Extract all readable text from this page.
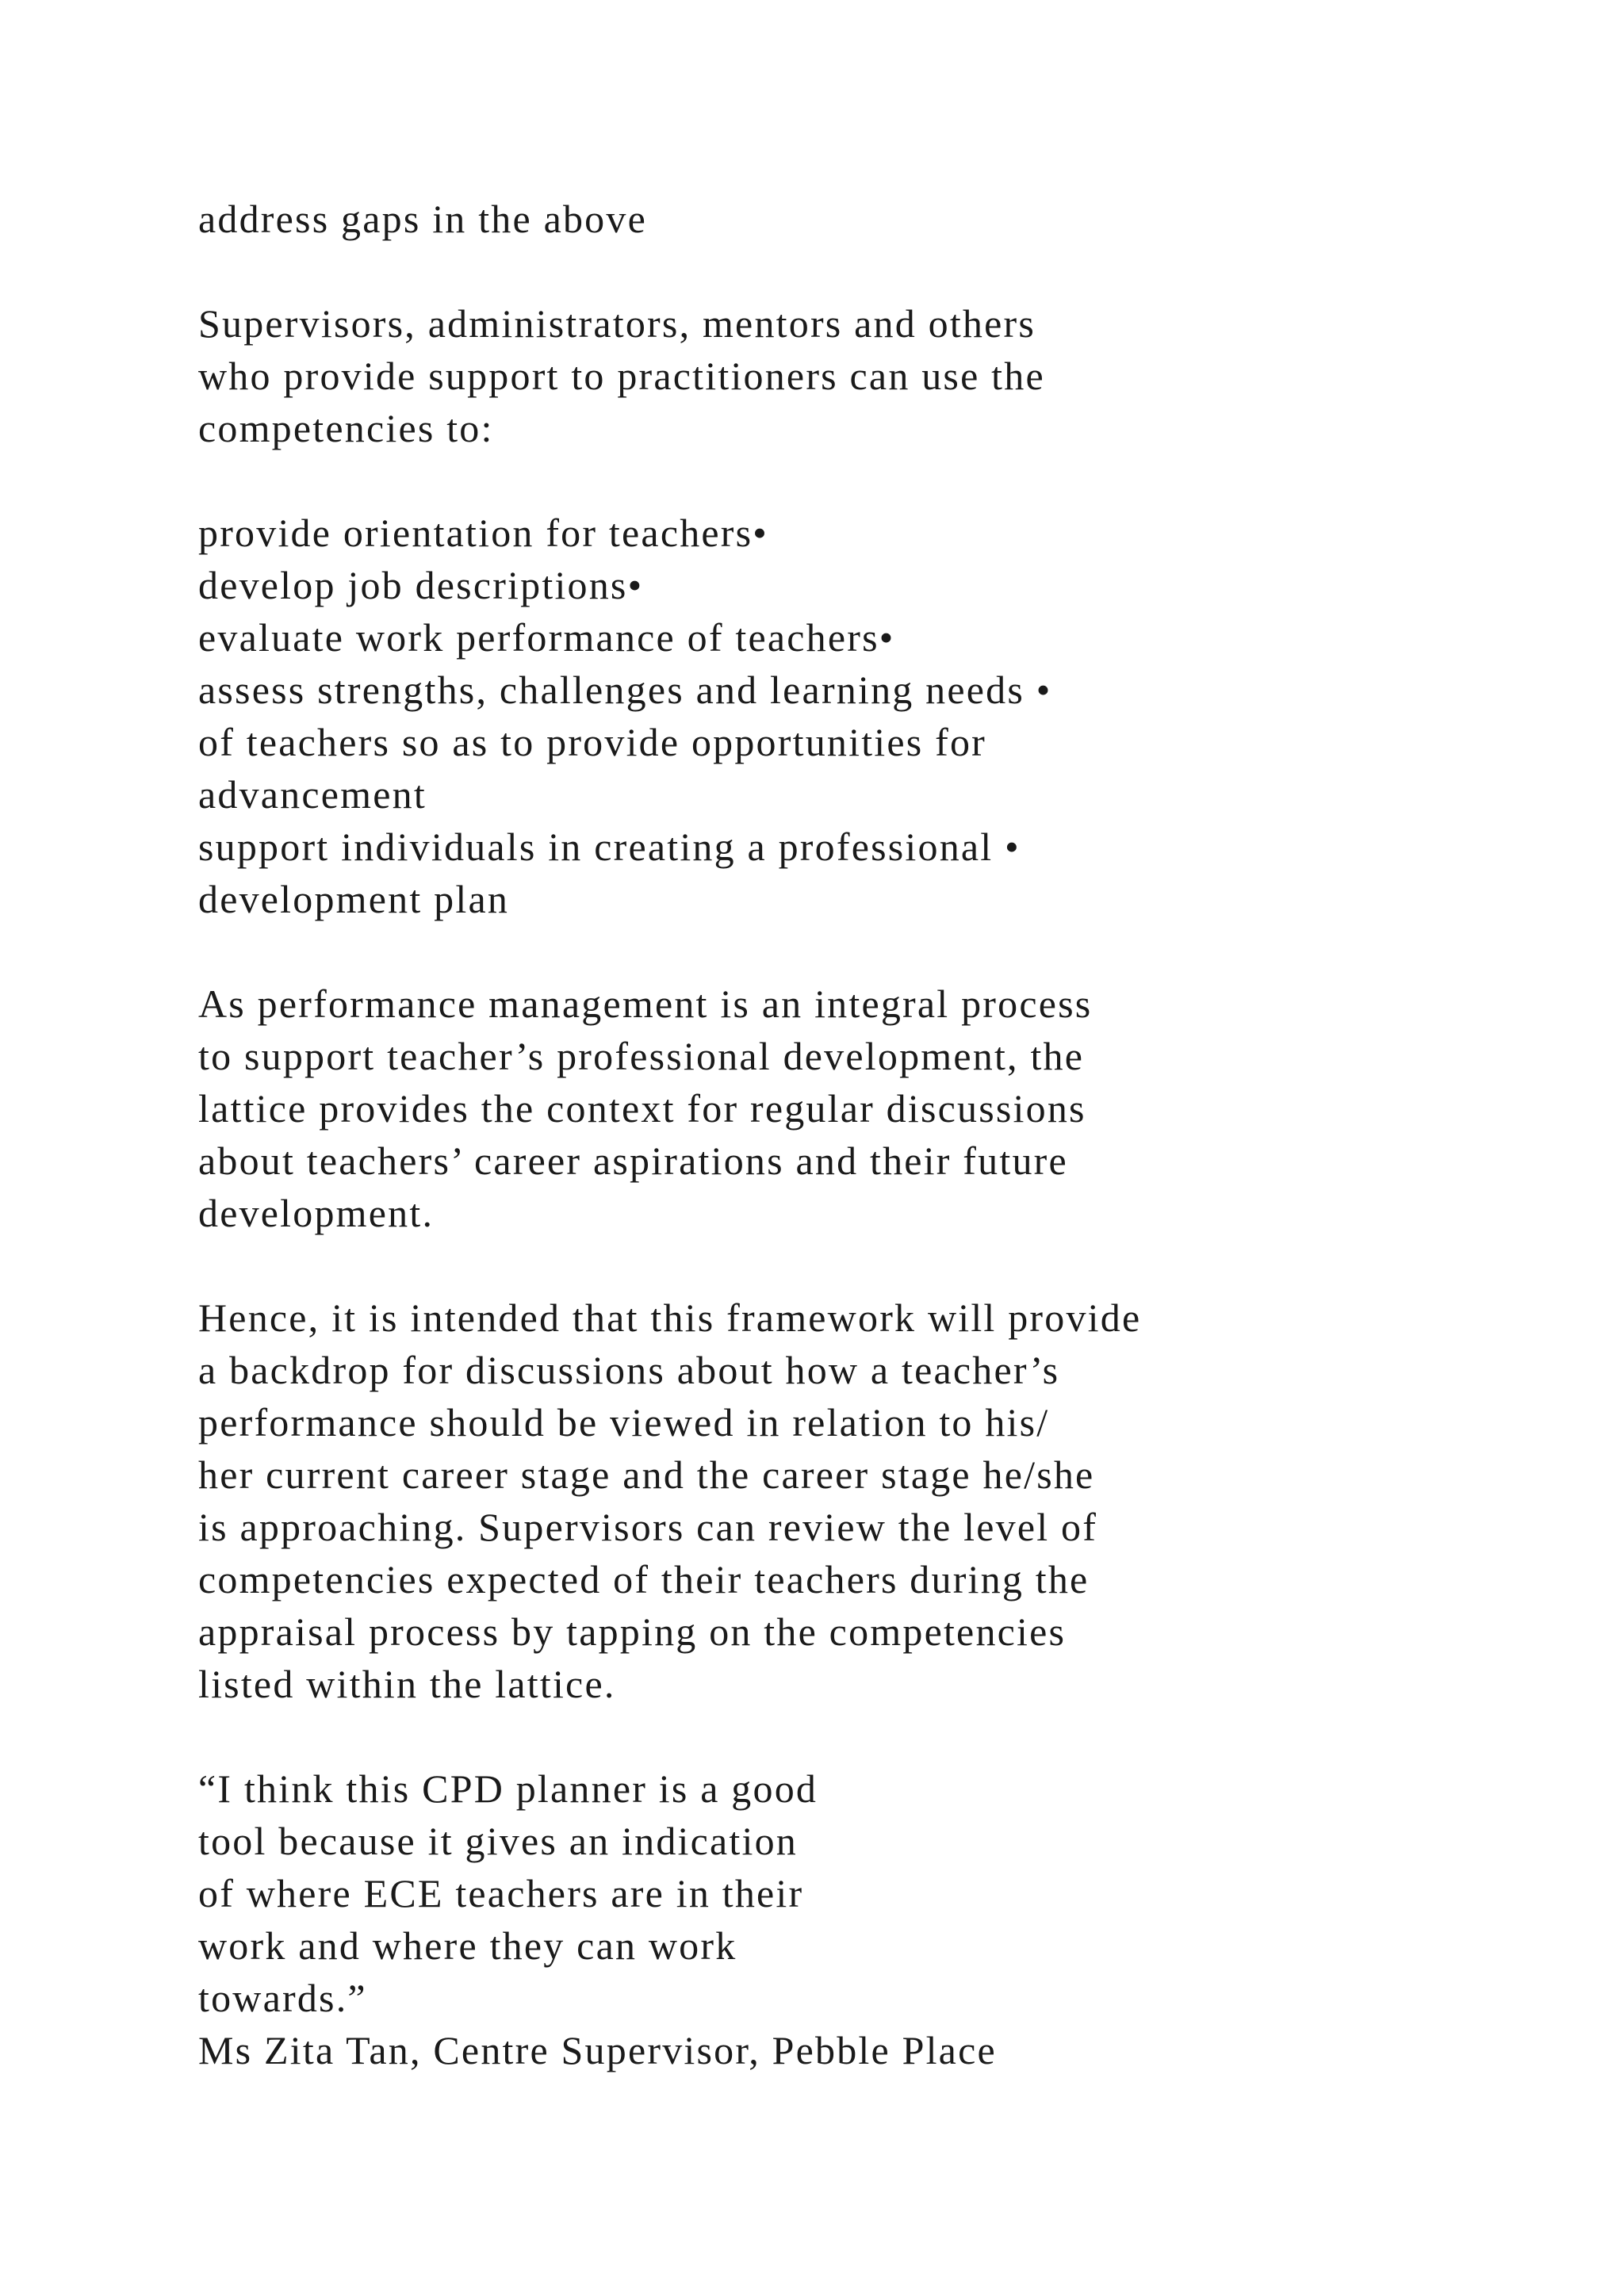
address gaps in the above
Supervisors, administrators, mentors and others
who provide support to practitioners can use the
competencies to:
provide orientation for teachers•
develop job descriptions•
evaluate work performance of teachers•
assess strengths, challenges and learning needs •
of teachers so as to provide opportunities for
advancement
support individuals in creating a professional •
development plan
As performance management is an integral process
to support teacher’s professional development, the
lattice provides the context for regular discussions
about teachers’ career aspirations and their future
development.
Hence, it is intended that this framework will provide
a backdrop for discussions about how a teacher’s
performance should be viewed in relation to his/
her current career stage and the career stage he/she
is approaching. Supervisors can review the level of
competencies expected of their teachers during the
appraisal process by tapping on the competencies
listed within the lattice.
“I think this CPD planner is a good
tool because it gives an indication
of where ECE teachers are in their
work and where they can work
towards.”
Ms Zita Tan, Centre Supervisor, Pebble Place
